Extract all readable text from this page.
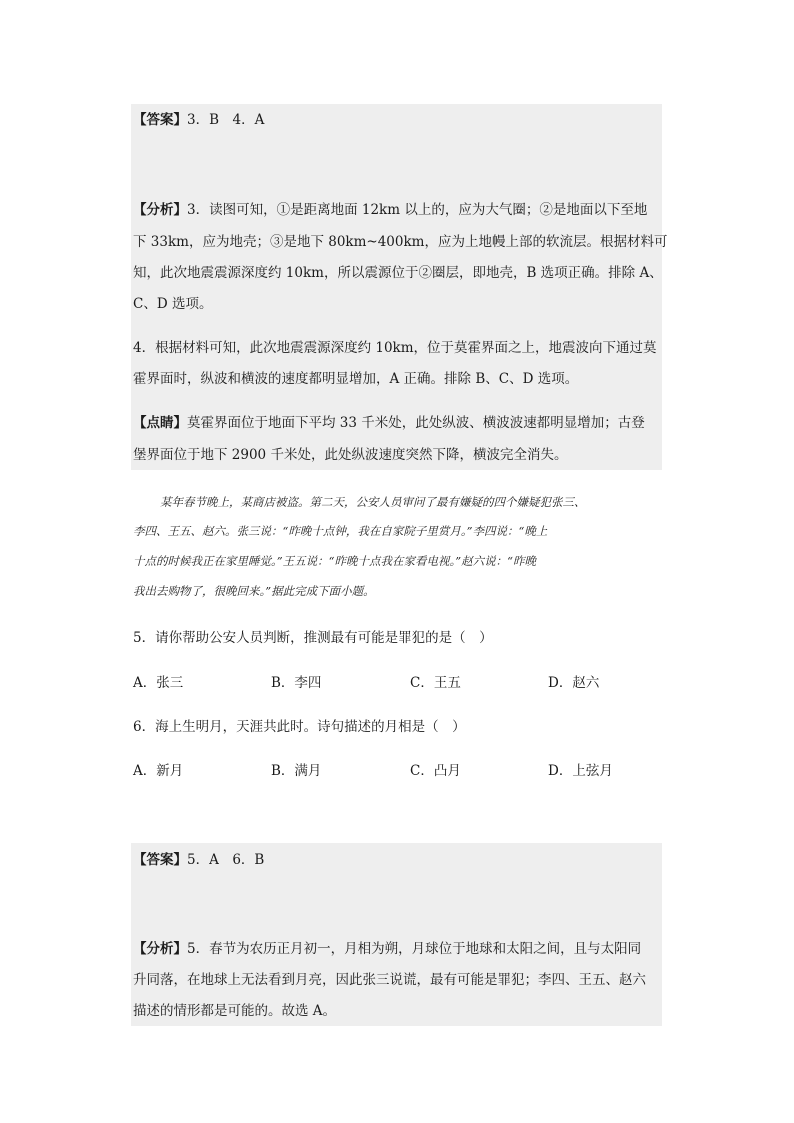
【答案】3．B　4．A
【分析】3．读图可知，①是距离地面 12km 以上的，应为大气圈；②是地面以下至地
下 33km，应为地壳；③是地下 80km~400km，应为上地幔上部的软流层。根据材料可
知，此次地震震源深度约 10km，所以震源位于②圈层，即地壳，B 选项正确。排除 A、
C、D 选项。
4．根据材料可知，此次地震震源深度约 10km，位于莫霍界面之上，地震波向下通过莫
霍界面时，纵波和横波的速度都明显增加，A 正确。排除 B、C、D 选项。
【点睛】莫霍界面位于地面下平均 33 千米处，此处纵波、横波波速都明显增加；古登
堡界面位于地下 2900 千米处，此处纵波速度突然下降，横波完全消失。
某年春节晚上，某商店被盗。第二天，公安人员审问了最有嫌疑的四个嫌疑犯张三、
李四、王五、赵六。张三说：“昨晚十点钟，我在自家院子里赏月。”李四说：“晚上
十点的时候我正在家里睡觉。”王五说：“昨晚十点我在家看电视。”赵六说：“昨晚
我出去购物了，很晚回来。”据此完成下面小题。
5．请你帮助公安人员判断，推测最有可能是罪犯的是（　）
A．张三	B．李四	C．王五	D．赵六
6．海上生明月，天涯共此时。诗句描述的月相是（　）
A．新月	B．满月	C．凸月	D．上弦月
【答案】5．A　6．B
【分析】5．春节为农历正月初一，月相为朔，月球位于地球和太阳之间，且与太阳同
升同落，在地球上无法看到月亮，因此张三说谎，最有可能是罪犯；李四、王五、赵六
描述的情形都是可能的。故选 A。
